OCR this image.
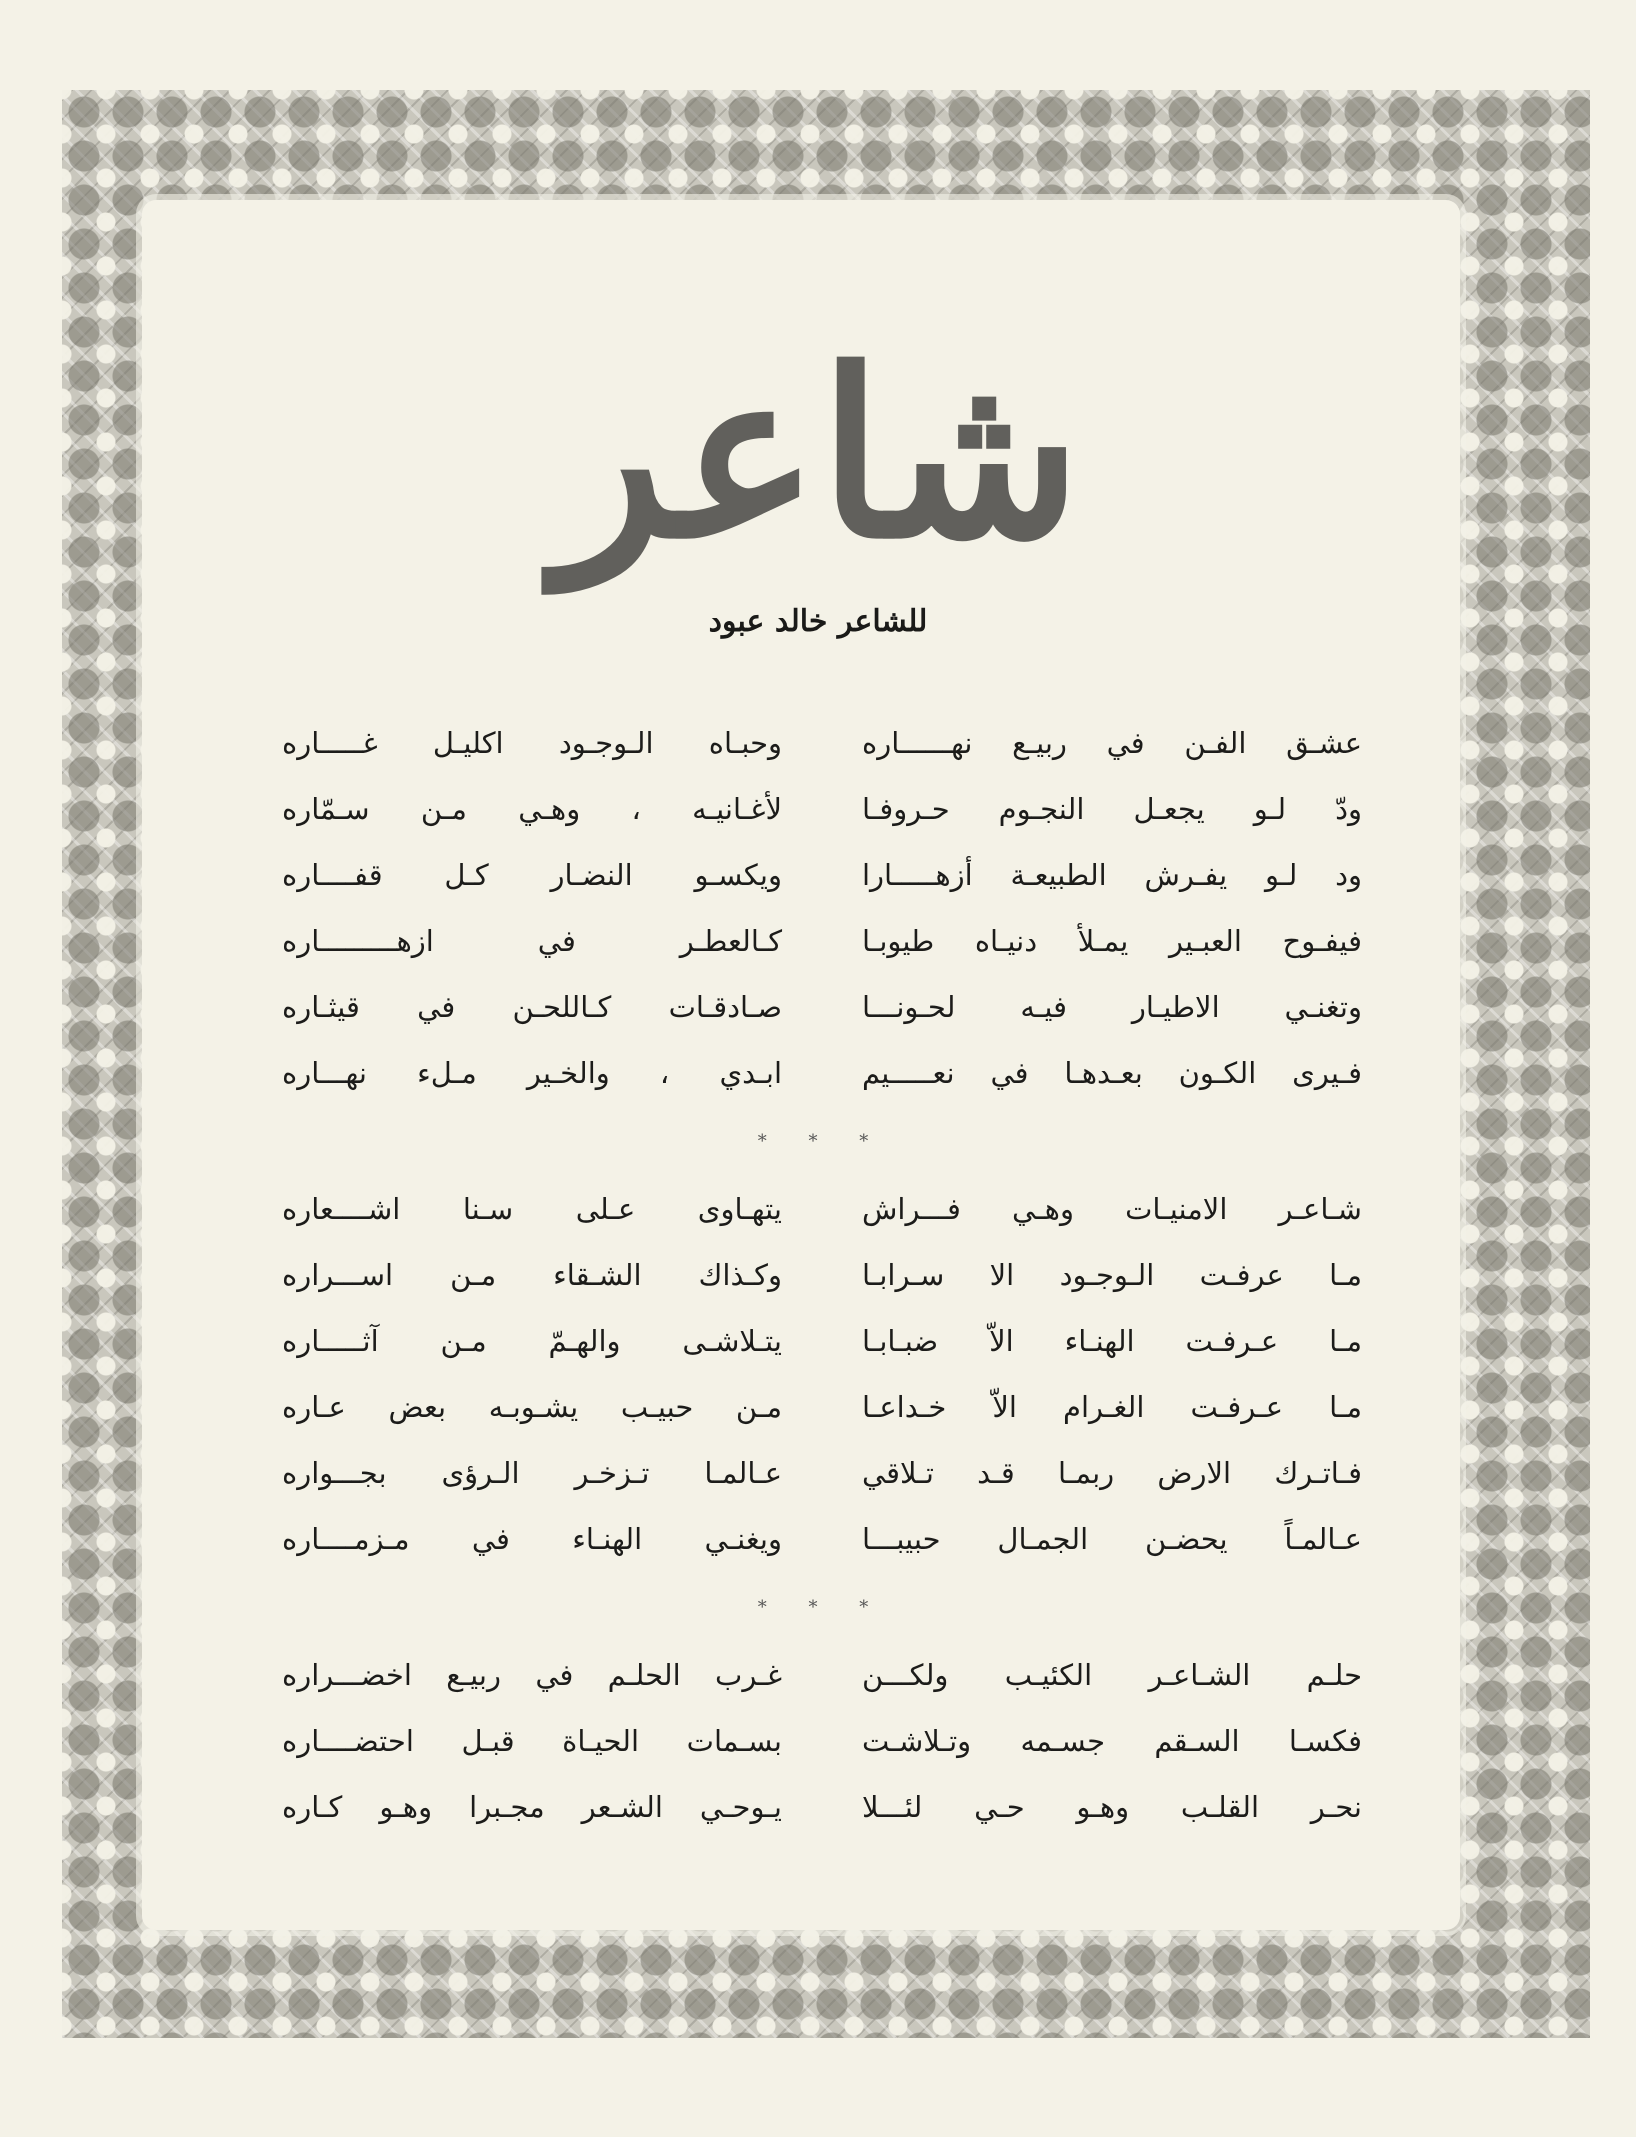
شاعر
للشاعر خالد عبود
عشـق الفـن في ربيـع نهــــــاره
وحبـاه الـوجـود اكليـل غـــــاره
ودّ لـو يجعـل النجـوم حـروفـا
لأغـانيـه ، وهـي مـن سـمّاره
ود لـو يفـرش الطبيعـة أزهـــــارا
ويكسـو النضـار كـل قفــــاره
فيفـوح العبـير يمـلأ دنيـاه طيوبـا
كـالعطـر في ازهـــــــــاره
وتغنـي الاطيـار فيـه لحـونـــا
صـادقـات كـاللحـن في قيثـاره
فـيرى الكـون بعـدهـا في نعـــــيم
ابـدي ، والخـير مـلء نهـــاره
* * *
شـاعـر الامنيـات وهـي فـــراش
يتهـاوى عـلى سـنا اشــــعاره
مـا عرفـت الـوجـود الا سـرابـا
وكـذاك الشـقاء مـن اســـراره
مـا عـرفـت الهنـاء الاّ ضبـابـا
يتـلاشـى والهـمّ مـن آثـــــاره
مـا عـرفـت الغـرام الاّ خـداعـا
مـن حبيـب يشـوبـه بعض عـاره
فـاتـرك الارض ربمـا قـد تـلاقي
عـالمـا تـزخـر الـرؤى بجـــواره
عـالمـاً يحضـن الجمـال حبيبـــا
ويغنـي الهنـاء في مـزمــــاره
* * *
حلـم الشـاعـر الكئيـب ولكـــن
غـرب الحلـم في ربيـع اخضـــراره
فكسـا السـقم جسـمه وتـلاشـت
بسـمات الحيـاة قبـل احتضــــاره
نحـر القلـب وهـو حـي لئـــلا
يـوحـي الشـعر مجـبرا وهـو كـاره
